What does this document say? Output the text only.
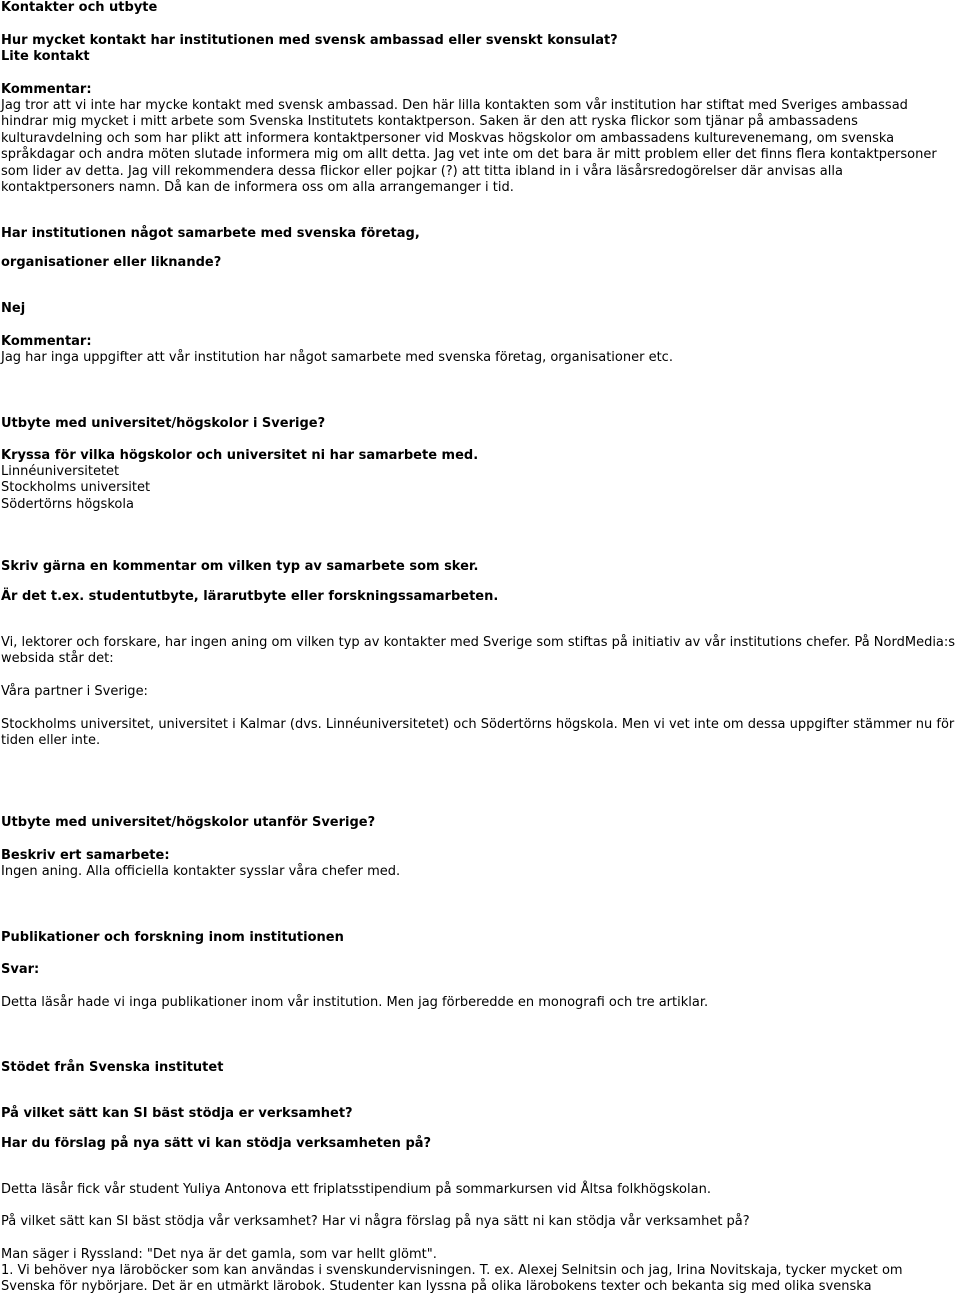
Kontakter och utbyte
Hur mycket kontakt har institutionen med svensk ambassad eller svenskt konsulat?
Lite kontakt
Kommentar:
Jag tror att vi inte har mycke kontakt med svensk ambassad. Den här lilla kontakten som vår institution har stiftat med Sveriges ambassad hindrar mig mycket i mitt arbete som Svenska Institutets kontaktperson. Saken är den att ryska flickor som tjänar på ambassadens kulturavdelning och som har plikt att informera kontaktpersoner vid Moskvas högskolor om ambassadens kulturevenemang, om svenska språkdagar och andra möten slutade informera mig om allt detta. Jag vet inte om det bara är mitt problem eller det finns flera kontaktpersoner som lider av detta. Jag vill rekommendera dessa flickor eller pojkar (?) att titta ibland in i våra läsårsredogörelser där anvisas alla kontaktpersoners namn. Då kan de informera oss om alla arrangemanger i tid.
Har institutionen något samarbete med svenska företag,
organisationer eller liknande?
Nej
Kommentar:
Jag har inga uppgifter att vår institution har något samarbete med svenska företag, organisationer etc.
Utbyte med universitet/högskolor i Sverige?
Kryssa för vilka högskolor och universitet ni har samarbete med.
Linnéuniversitetet
Stockholms universitet
Södertörns högskola
Skriv gärna en kommentar om vilken typ av samarbete som sker.
Är det t.ex. studentutbyte, lärarutbyte eller forskningssamarbeten.
Vi, lektorer och forskare, har ingen aning om vilken typ av kontakter med Sverige som stiftas på initiativ av vår institutions chefer. På NordMedia:s websida står det:
Våra partner i Sverige:
Stockholms universitet, universitet i Kalmar (dvs. Linnéuniversitetet) och Södertörns högskola. Men vi vet inte om dessa uppgifter stämmer nu för tiden eller inte.
Utbyte med universitet/högskolor utanför Sverige?
Beskriv ert samarbete:
Ingen aning. Alla officiella kontakter sysslar våra chefer med.
Publikationer och forskning inom institutionen
Svar:
Detta läsår hade vi inga publikationer inom vår institution. Men jag förberedde en monografi och tre artiklar.
Stödet från Svenska institutet
På vilket sätt kan SI bäst stödja er verksamhet?
Har du förslag på nya sätt vi kan stödja verksamheten på?
Detta läsår fick vår student Yuliya Antonova ett friplatsstipendium på sommarkursen vid Åltsa folkhögskolan.
På vilket sätt kan SI bäst stödja vår verksamhet? Har vi några förslag på nya sätt ni kan stödja vår verksamhet på?
Man säger i Ryssland: "Det nya är det gamla, som var hellt glömt".
1. Vi behöver nya läroböcker som kan användas i svenskundervisningen. T. ex. Alexej Selnitsin och jag, Irina Novitskaja, tycker mycket om Svenska för nybörjare. Det är en utmärkt lärobok. Studenter kan lyssna på olika lärobokens texter och bekanta sig med olika svenska
